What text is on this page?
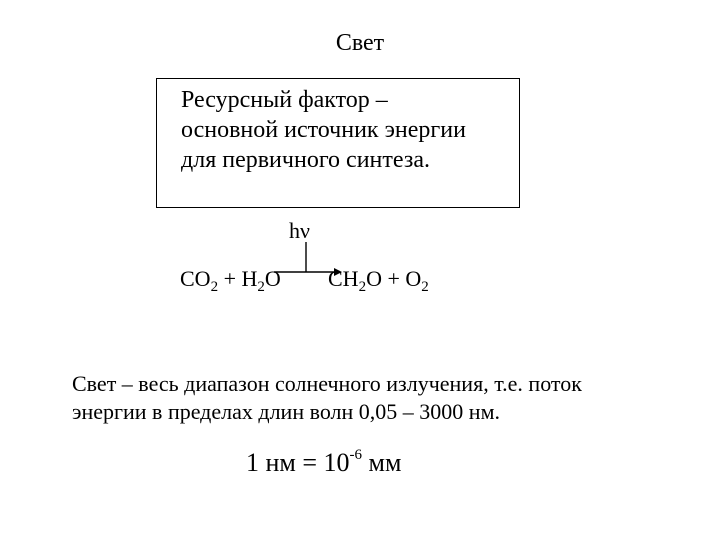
Свет
Ресурсный фактор –
основной источник энергии
для первичного синтеза.
hν
$CO_2 + H_2O$ $CH_2O + O_2$
Свет – весь диапазон солнечного излучения, т.е. поток
энергии в пределах длин волн 0,05 – 3000 нм.
1 нм = $10^{-6}$ мм
